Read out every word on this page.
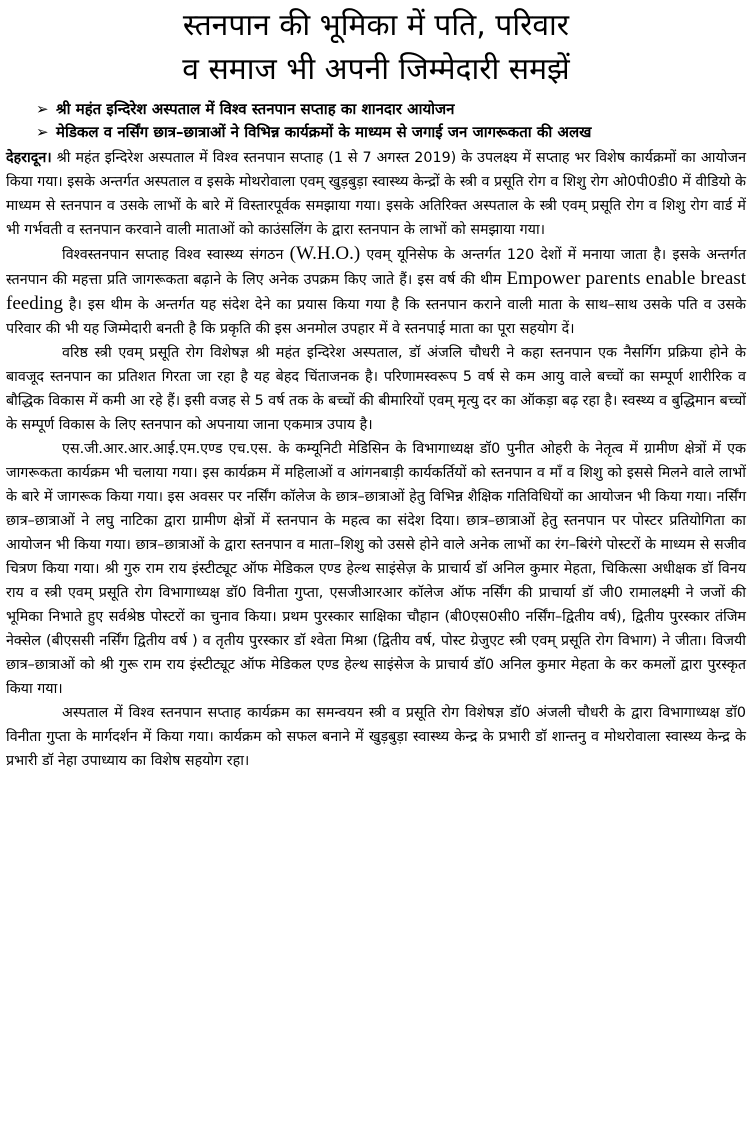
स्तनपान की भूमिका में पति, परिवार
व समाज भी अपनी जिम्मेदारी समझें
➢ श्री महंत इन्दिरेश अस्पताल में विश्व स्तनपान सप्ताह का शानदार आयोजन
➢ मेडिकल व नर्सिंग छात्र–छात्राओं ने विभिन्न कार्यक्रमों के माध्यम से जगाई जन जागरूकता की अलख

देहरादून। श्री महंत इन्दिरेश अस्पताल में विश्व स्तनपान सप्ताह (1 से 7 अगस्त 2019) के उपलक्ष्य में सप्ताह भर विशेष कार्यक्रमों का आयोजन किया गया। इसके अन्तर्गत अस्पताल व इसके मोथरोवाला एवम् खुड़बुड़ा स्वास्थ्य केन्द्रों के स्त्री व प्रसूति रोग व शिशु रोग ओ0पी0डी0 में वीडियो के माध्यम से स्तनपान व उसके लाभों के बारे में विस्तारपूर्वक समझाया गया। इसके अतिरिक्त अस्पताल के स्त्री एवम् प्रसूति रोग व शिशु रोग वार्ड में भी गर्भवती व स्तनपान करवाने वाली माताओं को काउंसलिंग के द्वारा स्तनपान के लाभों को समझाया गया।

विश्वस्तनपान सप्ताह विश्व स्वास्थ्य संगठन (W.H.O.) एवम् यूनिसेफ के अन्तर्गत 120 देशों में मनाया जाता है। इसके अन्तर्गत स्तनपान की महत्ता प्रति जागरूकता बढ़ाने के लिए अनेक उपक्रम किए जाते हैं। इस वर्ष की थीम Empower parents enable breast feeding है। इस थीम के अन्तर्गत यह संदेश देने का प्रयास किया गया है कि स्तनपान कराने वाली माता के साथ–साथ उसके पति व उसके परिवार की भी यह जिम्मेदारी बनती है कि प्रकृति की इस अनमोल उपहार में वे स्तनपाई माता का पूरा सहयोग दें।

वरिष्ठ स्त्री एवम् प्रसूति रोग विशेषज्ञ श्री महंत इन्दिरेश अस्पताल, डॉ अंजलि चौधरी ने कहा स्तनपान एक नैसर्गिग प्रक्रिया होने के बावजूद स्तनपान का प्रतिशत गिरता जा रहा है यह बेहद चिंताजनक है। परिणामस्वरूप 5 वर्ष से कम आयु वाले बच्चों का सम्पूर्ण शारीरिक व बौद्धिक विकास में कमी आ रहे हैं। इसी वजह से 5 वर्ष तक के बच्चों की बीमारियों एवम् मृत्यु दर का ऑकड़ा बढ़ रहा है। स्वस्थ्य व बुद्धिमान बच्चों के सम्पूर्ण विकास के लिए स्तनपान को अपनाया जाना एकमात्र उपाय है।

एस.जी.आर.आर.आई.एम.एण्ड एच.एस. के कम्यूनिटी मेडिसिन के विभागाध्यक्ष डॉ0 पुनीत ओहरी के नेतृत्व में ग्रामीण क्षेत्रों में एक जागरूकता कार्यक्रम भी चलाया गया। इस कार्यक्रम में महिलाओं व आंगनबाड़ी कार्यकर्तियों को स्तनपान व माँ व शिशु को इससे मिलने वाले लाभों के बारे में जागरूक किया गया। इस अवसर पर नर्सिंग कॉलेज के छात्र–छात्राओं हेतु विभिन्न शैक्षिक गतिविधियों का आयोजन भी किया गया। नर्सिंग छात्र–छात्राओं ने लघु नाटिका द्वारा ग्रामीण क्षेत्रों में स्तनपान के महत्व का संदेश दिया। छात्र–छात्राओं हेतु स्तनपान पर पोस्टर प्रतियोगिता का आयोजन भी किया गया। छात्र–छात्राओं के द्वारा स्तनपान व माता–शिशु को उससे होने वाले अनेक लाभों का रंग–बिरंगे पोस्टरों के माध्यम से सजीव चित्रण किया गया। श्री गुरु राम राय इंस्टीट्यूट ऑफ मेडिकल एण्ड हेल्थ साइंसेज़ के प्राचार्य डॉ अनिल कुमार मेहता, चिकित्सा अधीक्षक डॉ विनय राय व स्त्री एवम् प्रसूति रोग विभागाध्यक्ष डॉ0 विनीता गुप्ता, एसजीआरआर कॉलेज ऑफ नर्सिंग की प्राचार्या डॉ जी0 रामालक्ष्मी ने जजों की भूमिका निभाते हुए सर्वश्रेष्ठ पोस्टरों का चुनाव किया। प्रथम पुरस्कार साक्षिका चौहान (बी0एस0सी0 नर्सिंग–द्वितीय वर्ष), द्वितीय पुरस्कार तंजिम नेक्सेल (बीएससी नर्सिंग द्वितीय वर्ष ) व तृतीय पुरस्कार डॉ श्वेता मिश्रा (द्वितीय वर्ष, पोस्ट ग्रेजुएट स्त्री एवम् प्रसूति रोग विभाग) ने जीता। विजयी छात्र–छात्राओं को श्री गुरू राम राय इंस्टीट्यूट ऑफ मेडिकल एण्ड हेल्थ साइंसेज के प्राचार्य डॉ0 अनिल कुमार मेहता के कर कमलों द्वारा पुरस्कृत किया गया।

अस्पताल में विश्व स्तनपान सप्ताह कार्यक्रम का समन्वयन स्त्री व प्रसूति रोग विशेषज्ञ डॉ0 अंजली चौधरी के द्वारा विभागाध्यक्ष डॉ0 विनीता गुप्ता के मार्गदर्शन में किया गया। कार्यक्रम को सफल बनाने में खुड़बुड़ा स्वास्थ्य केन्द्र के प्रभारी डॉ शान्तनु व मोथरोवाला स्वास्थ्य केन्द्र के प्रभारी डॉ नेहा उपाध्याय का विशेष सहयोग रहा।
